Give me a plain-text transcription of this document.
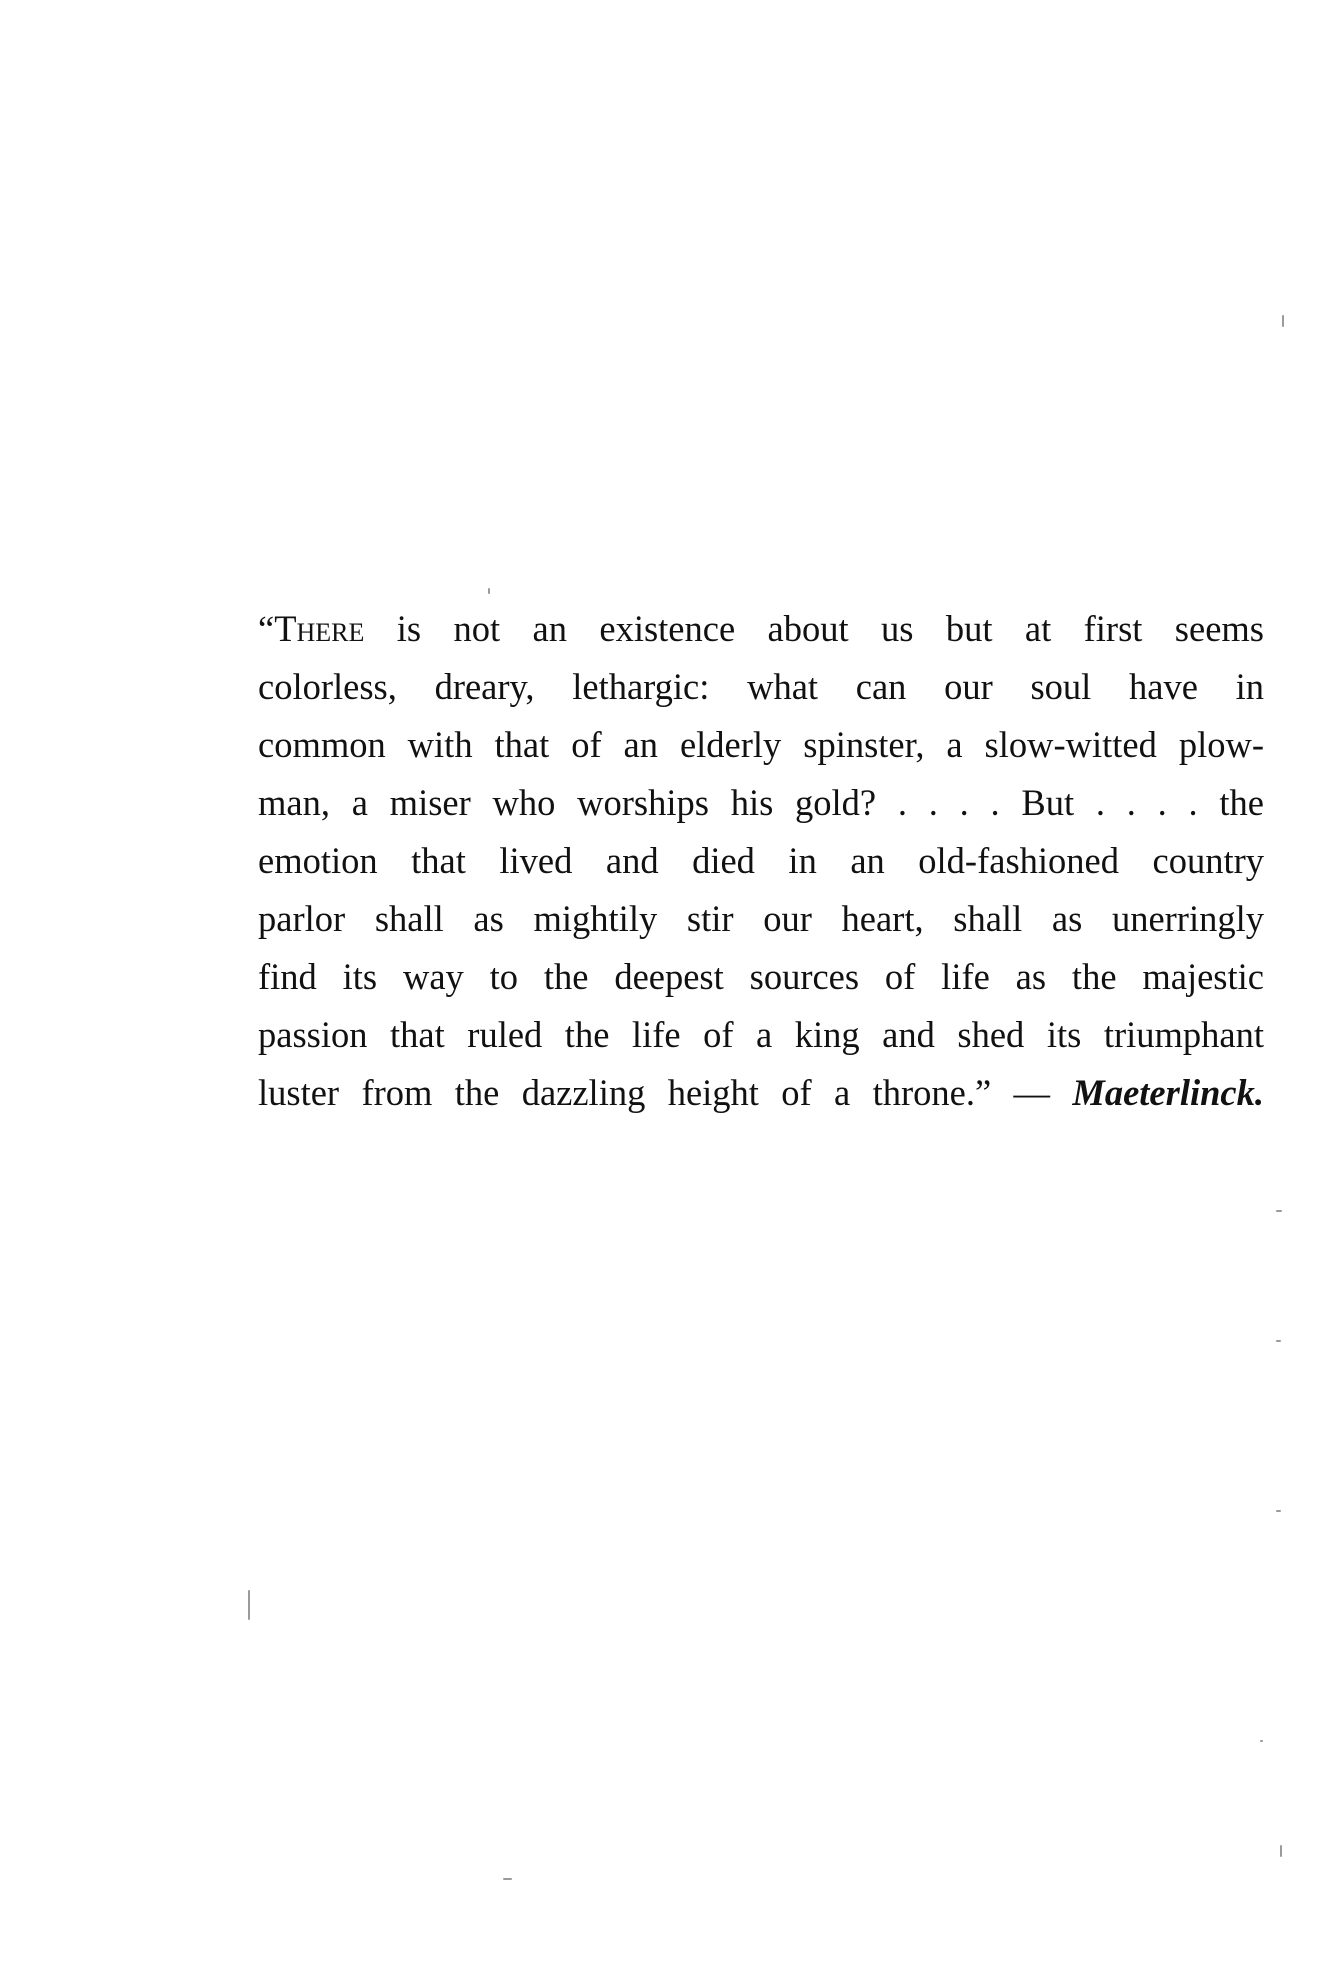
“There is not an existence about us but at first seems
colorless, dreary, lethargic: what can our soul have in
common with that of an elderly spinster, a slow-witted plow-
man, a miser who worships his gold? . . . . But . . . . the
emotion that lived and died in an old-fashioned country
parlor shall as mightily stir our heart, shall as unerringly
find its way to the deepest sources of life as the majestic
passion that ruled the life of a king and shed its triumphant
luster from the dazzling height of a throne.” — Maeterlinck.
